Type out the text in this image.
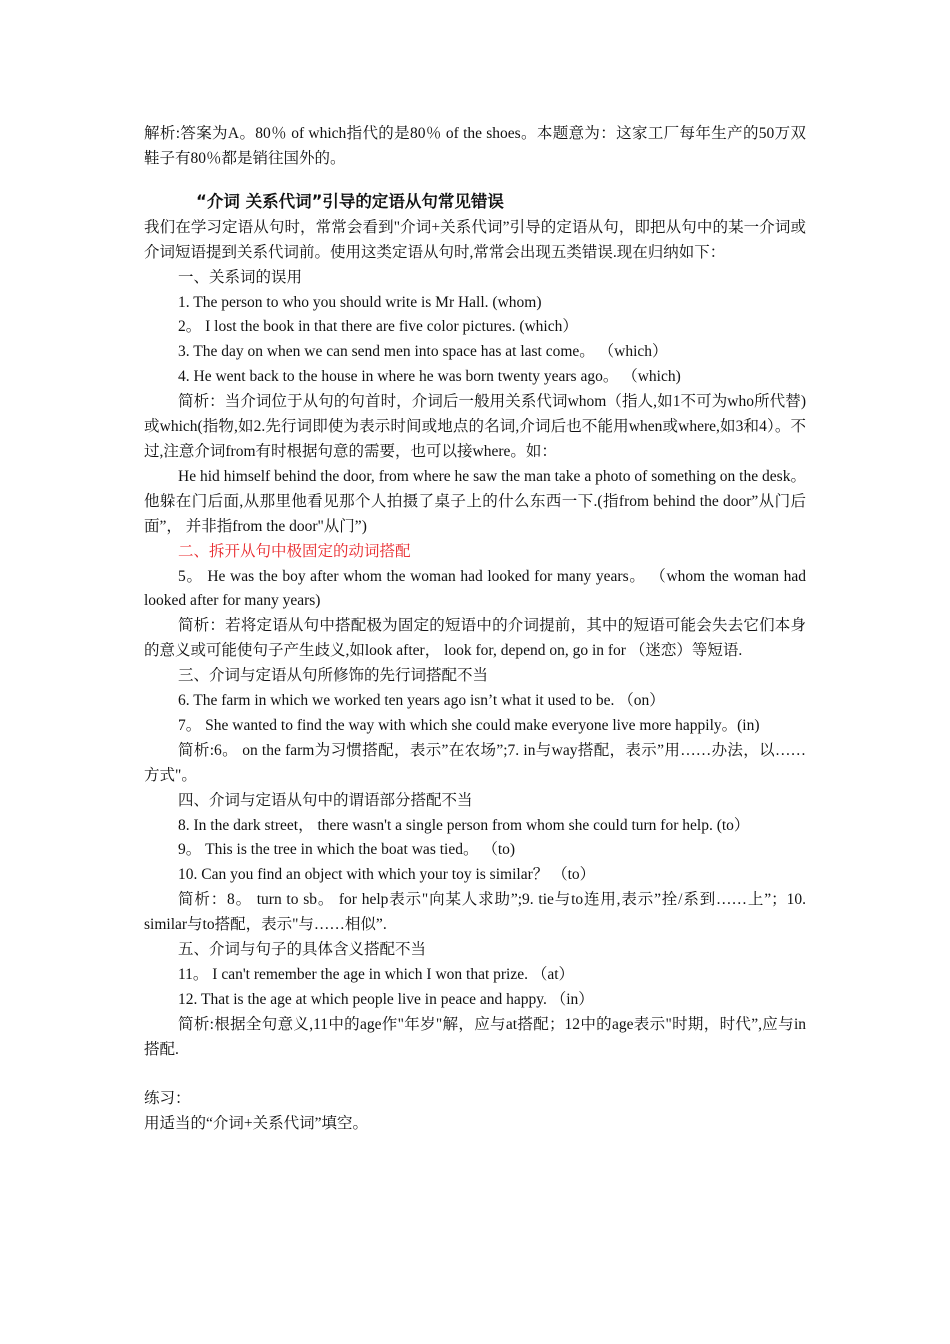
解析:答案为A。80％ of which指代的是80％ of the shoes。本题意为：这家工厂每年生产的50万双鞋子有80％都是销往国外的。

“介词 关系代词”引导的定语从句常见错误

我们在学习定语从句时，常常会看到"介词+关系代词”引导的定语从句，即把从句中的某一介词或介词短语提到关系代词前。使用这类定语从句时,常常会出现五类错误.现在归纳如下：

一、关系词的误用

1. The person to who you should write is Mr Hall. (whom)

2。 I lost the book in that there are five color pictures. (which）

3. The day on when we can send men into space has at last come。 （which）

4. He went back to the house in where he was born twenty years ago。 （which)

简析：当介词位于从句的句首时，介词后一般用关系代词whom（指人,如1不可为who所代替)或which(指物,如2.先行词即使为表示时间或地点的名词,介词后也不能用when或where,如3和4）。不过,注意介词from有时根据句意的需要，也可以接where。如：

He hid himself behind the door, from where he saw the man take a photo of something on the desk。他躲在门后面,从那里他看见那个人拍摄了桌子上的什么东西一下.(指from behind the door”从门后面”， 并非指from the door"从门”)

二、拆开从句中极固定的动词搭配

5。 He was the boy after whom the woman had looked for many years。 （whom the woman had looked after for many years)

简析：若将定语从句中搭配极为固定的短语中的介词提前，其中的短语可能会失去它们本身的意义或可能使句子产生歧义,如look after， look for, depend on, go in for （迷恋）等短语.

三、介词与定语从句所修饰的先行词搭配不当

6. The farm in which we worked ten years ago isn’t what it used to be. （on）

7。 She wanted to find the way with which she could make everyone live more happily。(in)

简析:6。 on the farm为习惯搭配，表示”在农场”;7. in与way搭配，表示”用……办法，以……方式"。

四、介词与定语从句中的谓语部分搭配不当

8. In the dark street， there wasn't a single person from whom she could turn for help. (to）

9。 This is the tree in which the boat was tied。 （to)

10. Can you find an object with which your toy is similar？ （to）

简析：8。 turn to sb。 for help表示"向某人求助”;9. tie与to连用,表示”拴/系到……上”；10. similar与to搭配，表示"与……相似”.

五、介词与句子的具体含义搭配不当

11。 I can't remember the age in which I won that prize. （at）

12. That is the age at which people live in peace and happy. （in）

简析:根据全句意义,11中的age作"年岁"解，应与at搭配；12中的age表示"时期，时代”,应与in搭配.

练习：

用适当的“介词+关系代词”填空。
